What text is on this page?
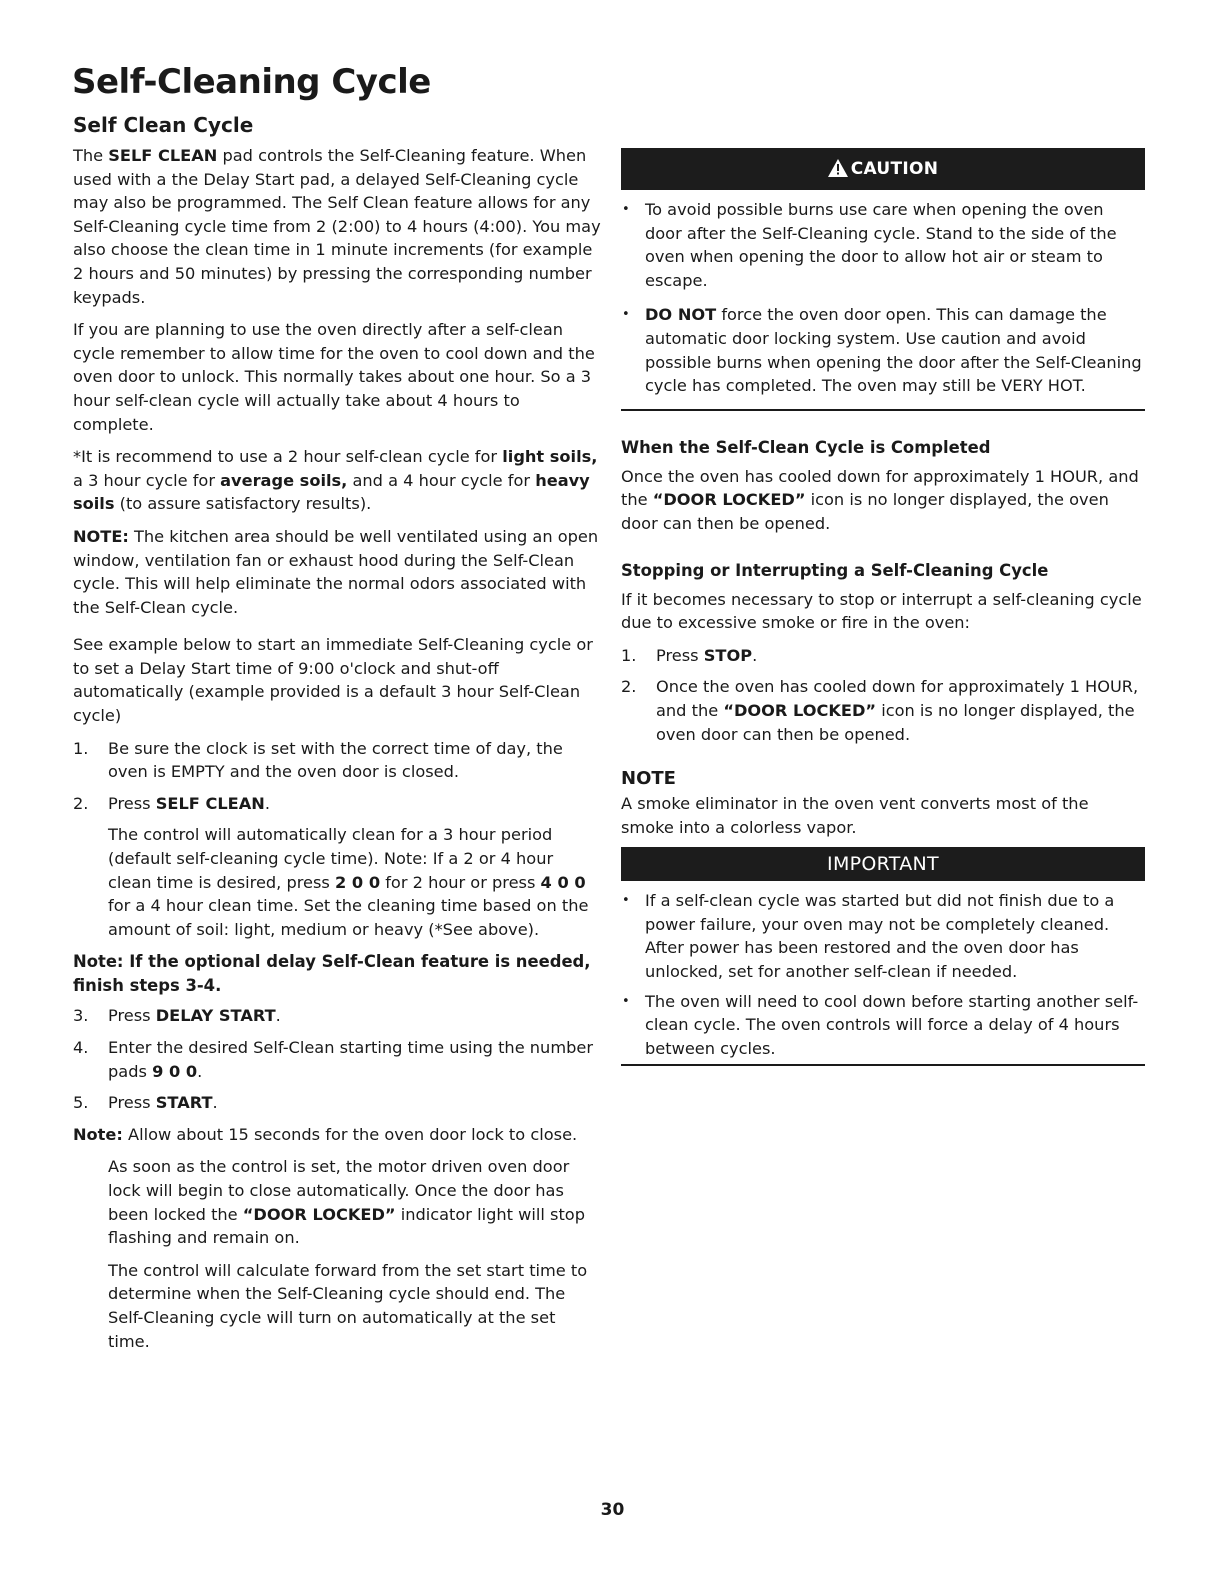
Self-Cleaning Cycle
Self Clean Cycle

The SELF CLEAN pad controls the Self-Cleaning feature. When used with a the Delay Start pad, a delayed Self-Cleaning cycle may also be programmed. The Self Clean feature allows for any Self-Cleaning cycle time from 2 (2:00) to 4 hours (4:00). You may also choose the clean time in 1 minute increments (for example 2 hours and 50 minutes) by pressing the corresponding number keypads.

If you are planning to use the oven directly after a self-clean cycle remember to allow time for the oven to cool down and the oven door to unlock. This normally takes about one hour. So a 3 hour self-clean cycle will actually take about 4 hours to complete.

*It is recommend to use a 2 hour self-clean cycle for light soils, a 3 hour cycle for average soils, and a 4 hour cycle for heavy soils (to assure satisfactory results).

NOTE: The kitchen area should be well ventilated using an open window, ventilation fan or exhaust hood during the Self-Clean cycle. This will help eliminate the normal odors associated with the Self-Clean cycle.

See example below to start an immediate Self-Cleaning cycle or to set a Delay Start time of 9:00 o'clock and shut-off automatically (example provided is a default 3 hour Self-Clean cycle)

1. Be sure the clock is set with the correct time of day, the oven is EMPTY and the oven door is closed.
2. Press SELF CLEAN.

The control will automatically clean for a 3 hour period (default self-cleaning cycle time). Note: If a 2 or 4 hour clean time is desired, press 2 0 0 for 2 hour or press 4 0 0 for a 4 hour clean time. Set the cleaning time based on the amount of soil: light, medium or heavy (*See above).

Note: If the optional delay Self-Clean feature is needed, finish steps 3-4.

3. Press DELAY START.
4. Enter the desired Self-Clean starting time using the number pads 9 0 0.
5. Press START.

Note: Allow about 15 seconds for the oven door lock to close.

As soon as the control is set, the motor driven oven door lock will begin to close automatically. Once the door has been locked the “DOOR LOCKED” indicator light will stop flashing and remain on.

The control will calculate forward from the set start time to determine when the Self-Cleaning cycle should end. The Self-Cleaning cycle will turn on automatically at the set time.

CAUTION
• To avoid possible burns use care when opening the oven door after the Self-Cleaning cycle. Stand to the side of the oven when opening the door to allow hot air or steam to escape.
• DO NOT force the oven door open. This can damage the automatic door locking system. Use caution and avoid possible burns when opening the door after the Self-Cleaning cycle has completed. The oven may still be VERY HOT.
When the Self-Clean Cycle is Completed

Once the oven has cooled down for approximately 1 HOUR, and the “DOOR LOCKED” icon is no longer displayed, the oven door can then be opened.

Stopping or Interrupting a Self-Cleaning Cycle

If it becomes necessary to stop or interrupt a self-cleaning cycle due to excessive smoke or fire in the oven:

1. Press STOP.
2. Once the oven has cooled down for approximately 1 HOUR, and the “DOOR LOCKED” icon is no longer displayed, the oven door can then be opened.
NOTE

A smoke eliminator in the oven vent converts most of the smoke into a colorless vapor.

IMPORTANT
• If a self-clean cycle was started but did not finish due to a power failure, your oven may not be completely cleaned. After power has been restored and the oven door has unlocked, set for another self-clean if needed.
• The oven will need to cool down before starting another self-clean cycle. The oven controls will force a delay of 4 hours between cycles.
30
